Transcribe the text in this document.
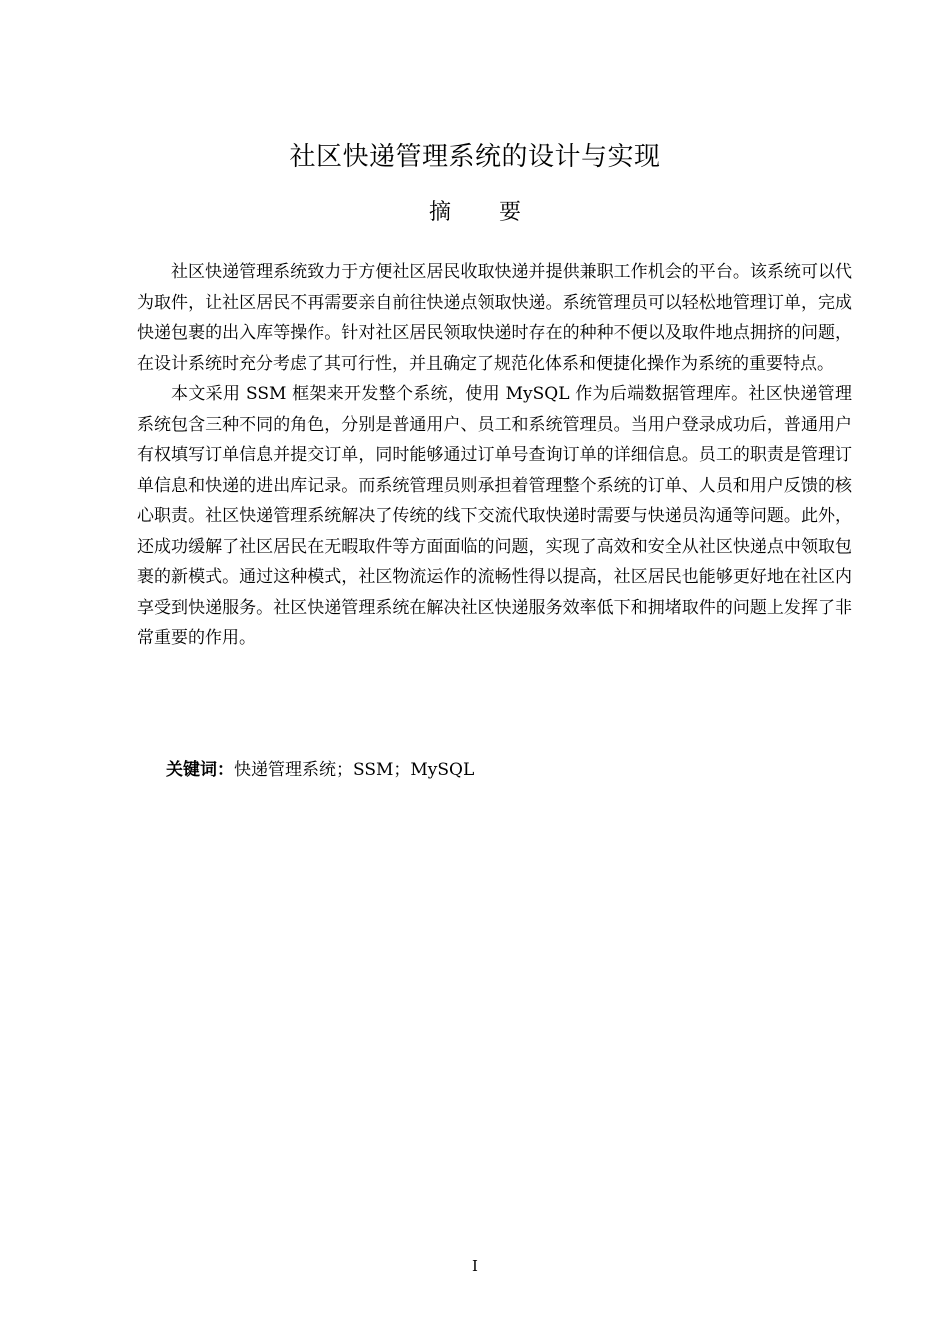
社区快递管理系统的设计与实现
摘要

社区快递管理系统致力于方便社区居民收取快递并提供兼职工作机会的平台。该系统可以代为取件，让社区居民不再需要亲自前往快递点领取快递。系统管理员可以轻松地管理订单，完成 快递包裹的出入库等操作。针对社区居民领取快递时存在的种种不便以及取件地点拥挤的问题，在设计系统时充分考虑了其可行性，并且确定了规范化体系和便捷化操作为系统的重要特点。

本文采用 SSM 框架来开发整个系统，使用 MySQL 作为后端数据管理库。社区快递管理系统包含三种不同的角色，分别是普通用户、员工和系统管理员。当用户登录成功后，普通用户有权填写订单信息并提交订单，同时能够通过订单号查询订单的详细信息。员工的职责是管理订单信息和快递的进出库记录。而系统管理员则承担着管理整个系统的订单、人员和用户反馈的核心职责。社区快递管理系统解决了传统的线下交流代取快递时需要与快递员沟通等问题。此外，还成功缓解了社区居民在无暇取件等方面面临的问题，实现了高效和安全从社区快递点中领取包裹的新模式。通过这种模式，社区物流运作的流畅性得以提高，社区居民也能够更好地在社区内享受到快递服务。社区快递管理系统在解决社区快递服务效率低下和拥堵取件的问题上发挥了非常重要的作用。

关键词：快递管理系统；SSM；MySQL
I
